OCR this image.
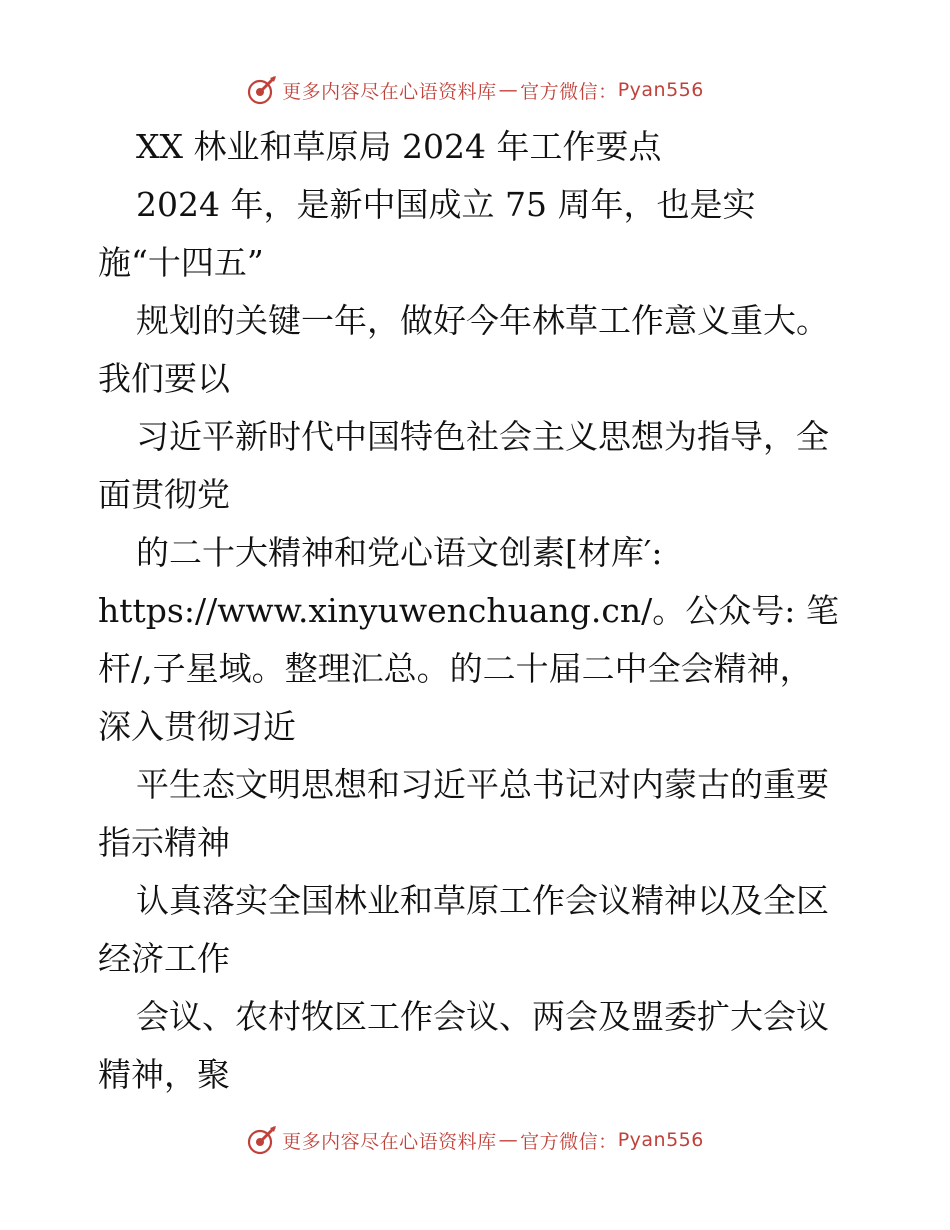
更多内容尽在心语资料库 — 官方微信： Pyan556
XX 林业和草原局 2024 年工作要点
2024 年，是新中国成立 75 周年，也是实
施“十四五”
规划的关键一年，做好今年林草工作意义重大。
我们要以
习近平新时代中国特色社会主义思想为指导，全
面贯彻党
的二十大精神和党心语文创素[材库′:
https://www.xinyuwenchuang.cn/。公众号: 笔
杆/,子星域。整理汇总。的二十届二中全会精神，
深入贯彻习近
平生态文明思想和习近平总书记对内蒙古的重要
指示精神
认真落实全国林业和草原工作会议精神以及全区
经济工作
会议、农村牧区工作会议、两会及盟委扩大会议
精神，聚
更多内容尽在心语资料库 — 官方微信： Pyan556
